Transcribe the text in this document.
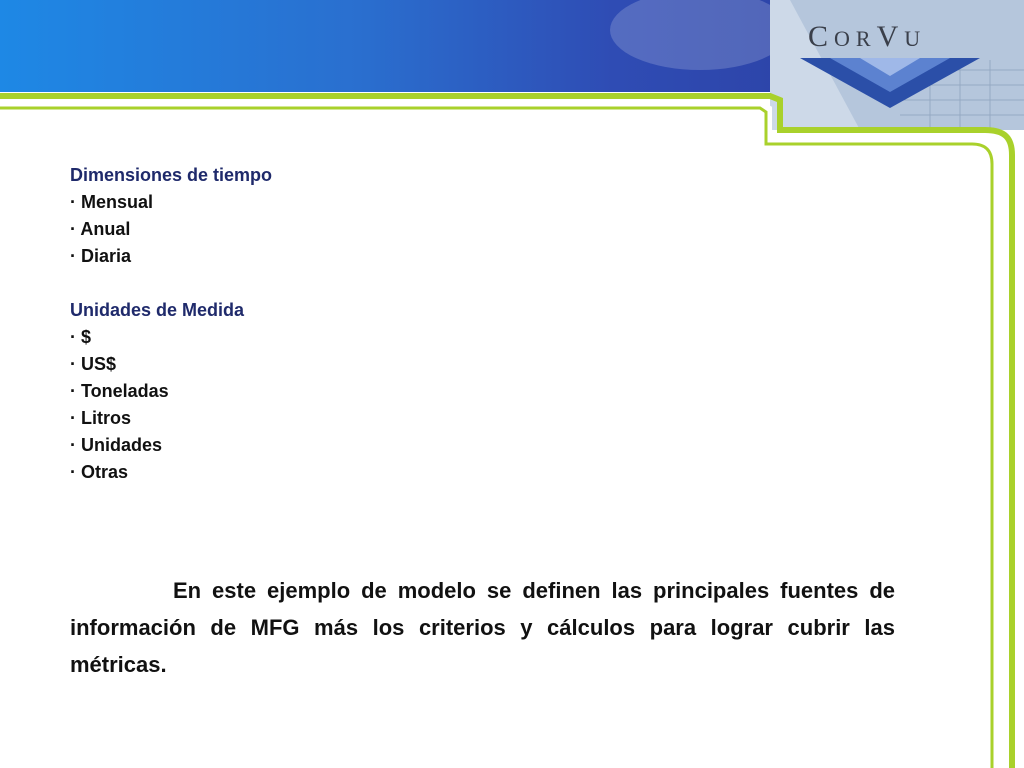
CORVU

Dimensiones de tiempo

· Mensual

· Anual

· Diaria

Unidades de Medida

· $

· US$

· Toneladas

· Litros

· Unidades

· Otras

En este ejemplo de modelo se definen las principales fuentes de información de MFG más los criterios y cálculos para lograr cubrir las métricas.
